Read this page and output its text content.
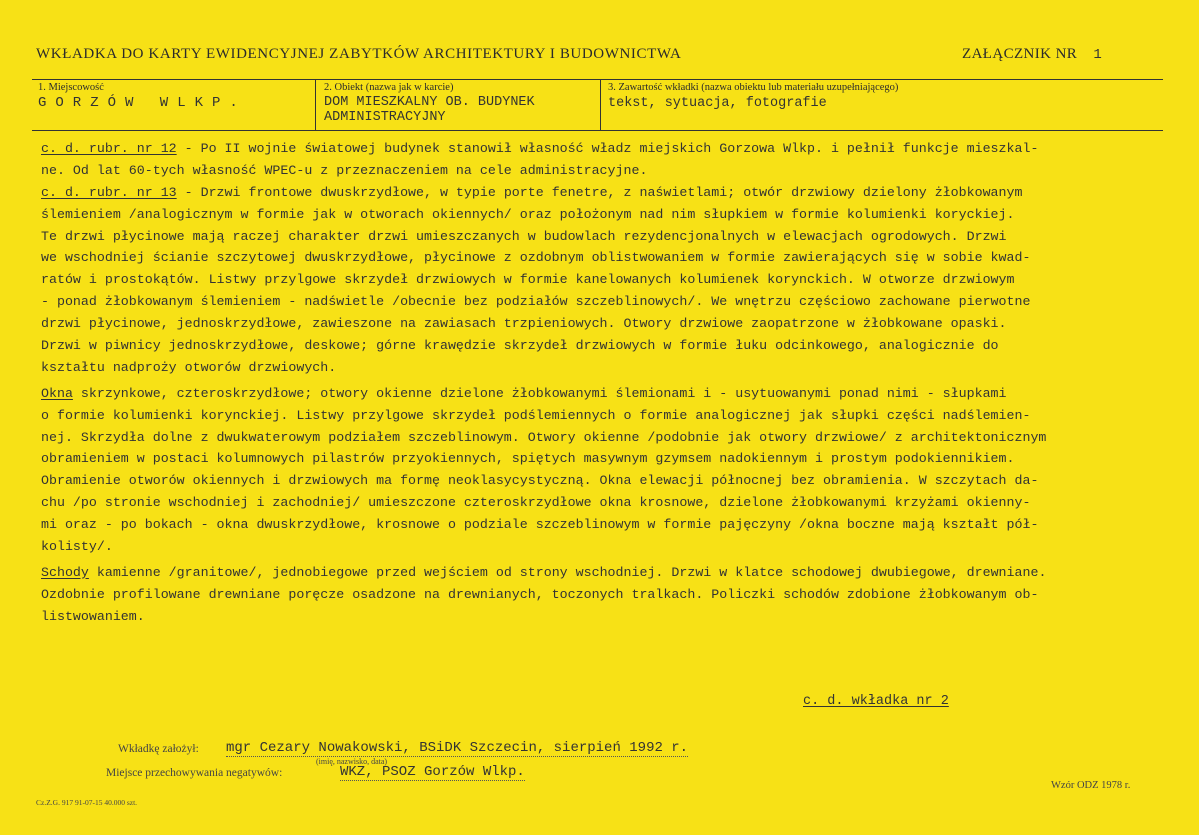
WKŁADKA DO KARTY EWIDENCYJNEJ ZABYTKÓW ARCHITEKTURY I BUDOWNICTWA	ZAŁĄCZNIK NR 1
1. Miejscowość
GORZÓW WLKP.
2. Obiekt (nazwa jak w karcie)
DOM MIESZKALNY OB. BUDYNEK
ADMINISTRACYJNY
3. Zawartość wkładki (nazwa obiektu lub materiału uzupełniającego)
tekst, sytuacja, fotografie
c. d. rubr. nr 12 - Po II wojnie światowej budynek stanowił własność władz miejskich Gorzowa Wlkp. i pełnił funkcje mieszkal-
ne. Od lat 60-tych własność WPEC-u z przeznaczeniem na cele administracyjne.
c. d. rubr. nr 13 - Drzwi frontowe dwuskrzydłowe, w typie porte fenetre, z naświetlami; otwór drzwiowy dzielony żłobkowanym
ślemieniem /analogicznym w formie jak w otworach okiennych/ oraz położonym nad nim słupkiem w formie kolumienki koryckiej.
Te drzwi płycinowe mają raczej charakter drzwi umieszczanych w budowlach rezydencjonalnych w elewacjach ogrodowych. Drzwi
we wschodniej ścianie szczytowej dwuskrzydłowe, płycinowe z ozdobnym oblistwowaniem w formie zawierających się w sobie kwad-
ratów i prostokątów. Listwy przylgowe skrzydeł drzwiowych w formie kanelowanych kolumienek korynckich. W otworze drzwiowym
- ponad żłobkowanym ślemieniem - nadświetle /obecnie bez podziałów szczeblinowych/. We wnętrzu częściowo zachowane pierwotne
drzwi płycinowe, jednoskrzydłowe, zawieszone na zawiasach trzpieniowych. Otwory drzwiowe zaopatrzone w żłobkowane opaski.
Drzwi w piwnicy jednoskrzydłowe, deskowe; górne krawędzie skrzydeł drzwiowych w formie łuku odcinkowego, analogicznie do
kształtu nadproży otworów drzwiowych.
Okna skrzynkowe, czteroskrzydłowe; otwory okienne dzielone żłobkowanymi ślemionami i - usytuowanymi ponad nimi - słupkami
o formie kolumienki korynckiej. Listwy przylgowe skrzydeł podślemiennych o formie analogicznej jak słupki części nadślemien-
nej. Skrzydła dolne z dwukwaterowym podziałem szczeblinowym. Otwory okienne /podobnie jak otwory drzwiowe/ z architektonicznym
obramieniem w postaci kolumnowych pilastrów przyokiennych, spiętych masywnym gzymsem nadokiennym i prostym podokiennikiem.
Obramienie otworów okiennych i drzwiowych ma formę neoklasycystyczną. Okna elewacji północnej bez obramienia. W szczytach da-
chu /po stronie wschodniej i zachodniej/ umieszczone czteroskrzydłowe okna krosnowe, dzielone żłobkowanymi krzyżami okienny-
mi oraz - po bokach - okna dwuskrzydłowe, krosnowe o podziale szczeblinowym w formie pajęczyny /okna boczne mają kształt pół-
kolisty/.
Schody kamienne /granitowe/, jednobiegowe przed wejściem od strony wschodniej. Drzwi w klatce schodowej dwubiegowe, drewniane.
Ozdobnie profilowane drewniane poręcze osadzone na drewnianych, toczonych tralkach. Policzki schodów zdobione żłobkowanym ob-
listwowaniem.
c. d. wkładka nr 2
Wkładkę założył: mgr Cezary Nowakowski, BSiDK Szczecin, sierpień 1992 r.
(imię, nazwisko, data)
Miejsce przechowywania negatywów:	WKZ, PSOZ Gorzów Wlkp.
Wzór ODZ 1978 r.
Cz.Z.G. 917 91-07-15 40.000 szt.
